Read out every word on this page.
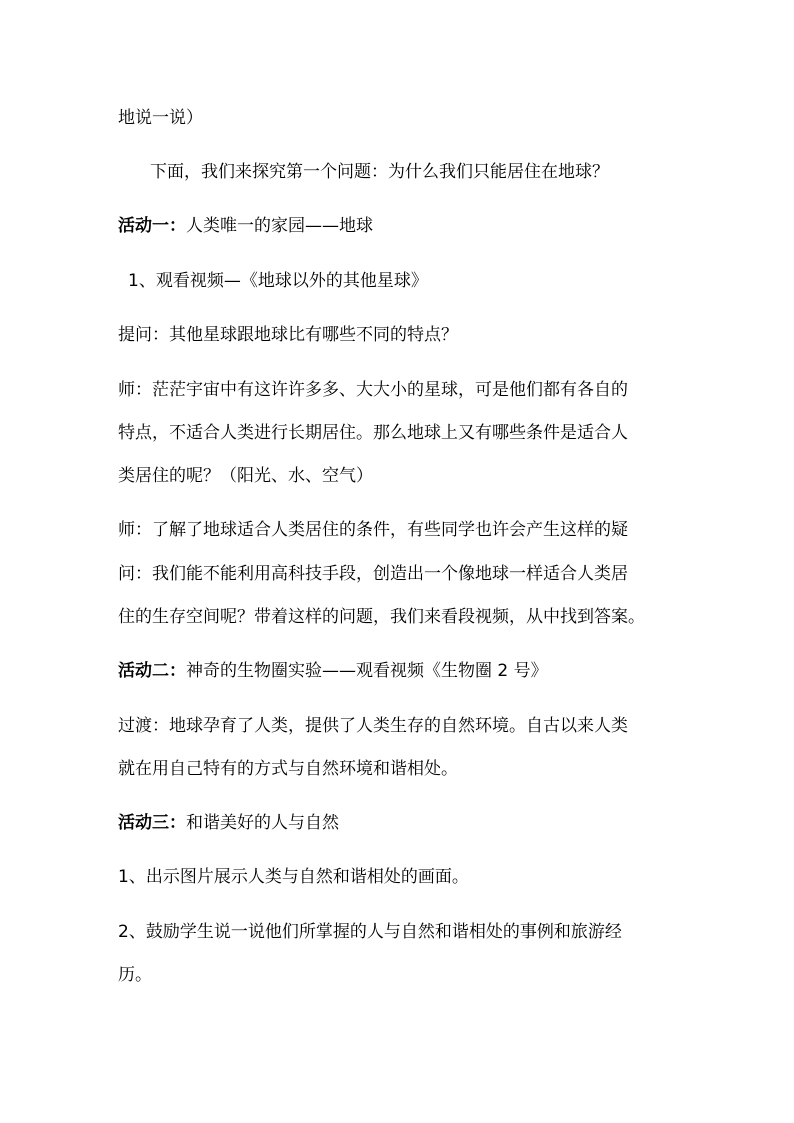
地说一说）
下面，我们来探究第一个问题：为什么我们只能居住在地球？
活动一：人类唯一的家园——地球
1、观看视频—《地球以外的其他星球》
提问：其他星球跟地球比有哪些不同的特点？
师：茫茫宇宙中有这许许多多、大大小的星球，可是他们都有各自的
特点，不适合人类进行长期居住。那么地球上又有哪些条件是适合人
类居住的呢？（阳光、水、空气）
师：了解了地球适合人类居住的条件，有些同学也许会产生这样的疑
问：我们能不能利用高科技手段，创造出一个像地球一样适合人类居
住的生存空间呢？带着这样的问题，我们来看段视频，从中找到答案。
活动二：神奇的生物圈实验——观看视频《生物圈 2 号》
过渡：地球孕育了人类，提供了人类生存的自然环境。自古以来人类
就在用自己特有的方式与自然环境和谐相处。
活动三：和谐美好的人与自然
1、出示图片展示人类与自然和谐相处的画面。
2、鼓励学生说一说他们所掌握的人与自然和谐相处的事例和旅游经
历。
